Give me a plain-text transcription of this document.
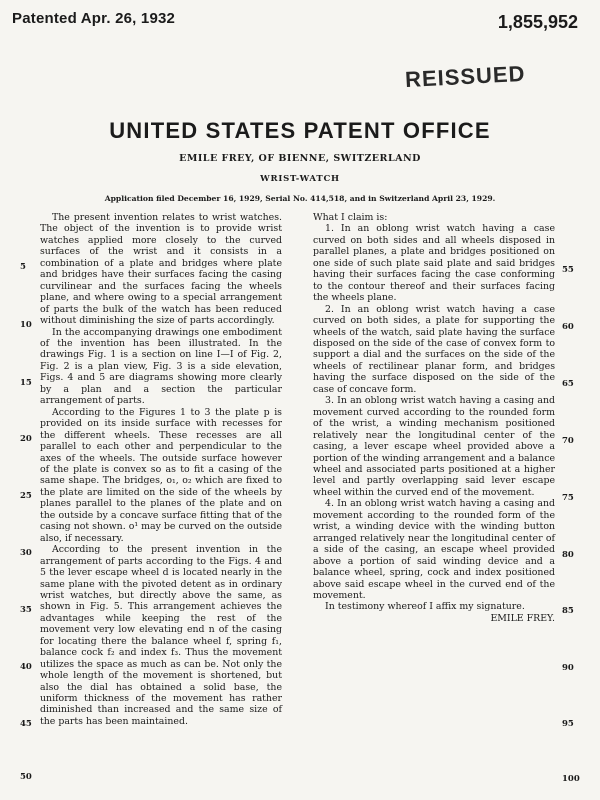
Patented Apr. 26, 1932	1,855,952
REISSUED
UNITED STATES PATENT OFFICE
EMILE FREY, OF BIENNE, SWITZERLAND
WRIST-WATCH
Application filed December 16, 1929, Serial No. 414,518, and in Switzerland April 23, 1929.

The present invention relates to wrist watches. The object of the invention is to provide wrist watches applied more closely to the curved surfaces of the wrist and it consists in a combination of a plate and bridges where plate and bridges have their surfaces facing the casing curvilinear and the surfaces facing the wheels plane, and where owing to a special arrangement of parts the bulk of the watch has been reduced without diminishing the size of parts accordingly.

In the accompanying drawings one embodiment of the invention has been illustrated. In the drawings Fig. 1 is a section on line I—I of Fig. 2, Fig. 2 is a plan view, Fig. 3 is a side elevation, Figs. 4 and 5 are diagrams showing more clearly by a plan and a section the particular arrangement of parts.

According to the Figures 1 to 3 the plate p is provided on its inside surface with recesses for the different wheels. These recesses are all parallel to each other and perpendicular to the axes of the wheels. The outside surface however of the plate is convex so as to fit a casing of the same shape. The bridges, o₁, o₂ which are fixed to the plate are limited on the side of the wheels by planes parallel to the planes of the plate and on the outside by a concave surface fitting that of the casing not shown. o¹ may be curved on the outside also, if necessary.

According to the present invention in the arrangement of parts according to the Figs. 4 and 5 the lever escape wheel d is located nearly in the same plane with the pivoted detent as in ordinary wrist watches, but directly above the same, as shown in Fig. 5. This arrangement achieves the advantages while keeping the rest of the movement very low elevating end n of the casing for locating there the balance wheel f, spring f₁, balance cock f₂ and index f₃. Thus the movement utilizes the space as much as can be. Not only the whole length of the movement is shortened, but also the dial has obtained a solid base, the uniform thickness of the movement has rather diminished than increased and the same size of the parts has been maintained.

What I claim is:

1. In an oblong wrist watch having a case curved on both sides and all wheels disposed in parallel planes, a plate and bridges positioned on one side of such plate said plate and said bridges having their surfaces facing the case conforming to the contour thereof and their surfaces facing the wheels plane.

2. In an oblong wrist watch having a case curved on both sides, a plate for supporting the wheels of the watch, said plate having the surface disposed on the side of the case of convex form to support a dial and the surfaces on the side of the wheels of rectilinear planar form, and bridges having the surface disposed on the side of the case of concave form.

3. In an oblong wrist watch having a casing and movement curved according to the rounded form of the wrist, a winding mechanism positioned relatively near the longitudinal center of the casing, a lever escape wheel provided above a portion of the winding arrangement and a balance wheel and associated parts positioned at a higher level and partly overlapping said lever escape wheel within the curved end of the movement.

4. In an oblong wrist watch having a casing and movement according to the rounded form of the wrist, a winding device with the winding button arranged relatively near the longitudinal center of a side of the casing, an escape wheel provided above a portion of said winding device and a balance wheel, spring, cock and index positioned above said escape wheel in the curved end of the movement.

In testimony whereof I affix my signature.

EMILE FREY.

5
10
15
20
25
30
35
40
45
50
55
60
65
70
75
80
85
90
95
100
